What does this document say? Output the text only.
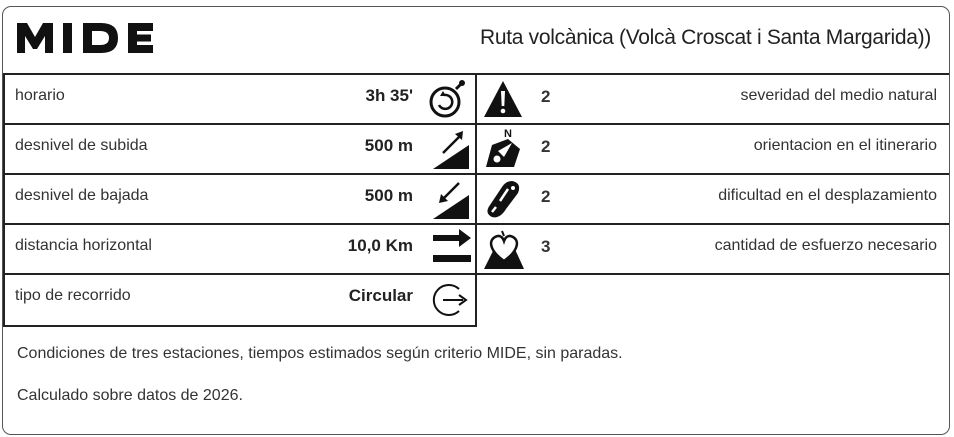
Ruta volcànica (Volcà Croscat i Santa Margarida))
horario	3h 35'
desnivel de subida	500 m
desnivel de bajada	500 m
distancia horizontal	10,0 Km
tipo de recorrido	Circular
2	severidad del medio natural
N
2	orientacion en el itinerario
2	dificultad en el desplazamiento
3	cantidad de esfuerzo necesario

Condiciones de tres estaciones, tiempos estimados según criterio MIDE, sin paradas.

Calculado sobre datos de 2026.
